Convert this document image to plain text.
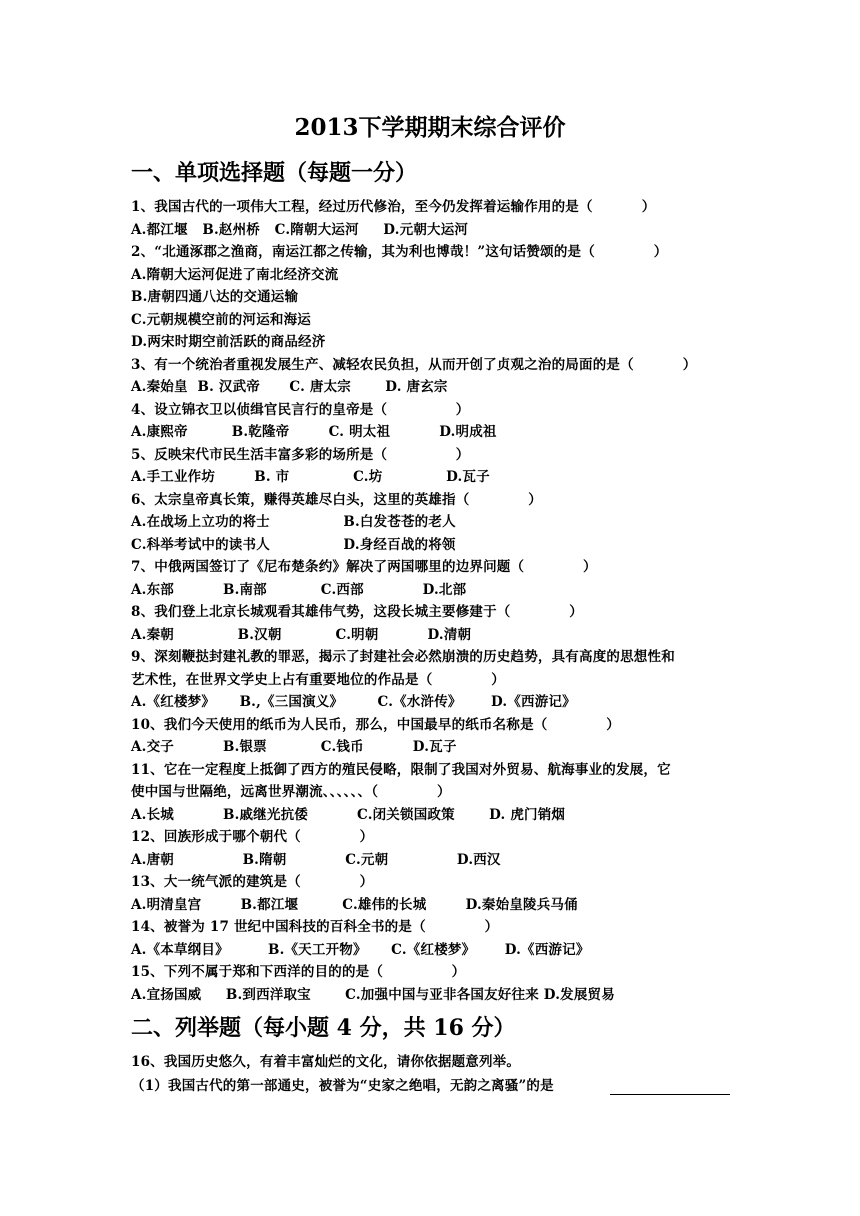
2013下学期期末综合评价
一、单项选择题（每题一分）
1、我国古代的一项伟大工程，经过历代修治，至今仍发挥着运输作用的是（          ）
A.都江堰   B.赵州桥   C.隋朝大运河     D.元朝大运河
2、“北通涿郡之渔商，南运江都之传输，其为利也博哉！”这句话赞颂的是（            ）
A.隋朝大运河促进了南北经济交流
B.唐朝四通八达的交通运输
C.元朝规模空前的河运和海运
D.两宋时期空前活跃的商品经济
3、有一个统治者重视发展生产、减轻农民负担，从而开创了贞观之治的局面的是（          ）
A.秦始皇  B. 汉武帝      C. 唐太宗       D. 唐玄宗
4、设立锦衣卫以侦缉官民言行的皇帝是（              ）
A.康熙帝         B.乾隆帝        C. 明太祖          D.明成祖
5、反映宋代市民生活丰富多彩的场所是（              ）
A.手工业作坊        B. 市             C.坊             D.瓦子
6、太宗皇帝真长策，赚得英雄尽白头，这里的英雄指（            ）
A.在战场上立功的将士               B.白发苍苍的老人
C.科举考试中的读书人               D.身经百战的将领
7、中俄两国签订了《尼布楚条约》解决了两国哪里的边界问题（            ）
A.东部          B.南部           C.西部            D.北部
8、我们登上北京长城观看其雄伟气势，这段长城主要修建于（            ）
A.秦朝             B.汉朝           C.明朝          D.清朝
9、深刻鞭挞封建礼教的罪恶，揭示了封建社会必然崩溃的历史趋势，具有高度的思想性和
艺术性，在世界文学史上占有重要地位的作品是（            ）
A.《红楼梦》     B.,《三国演义》       C.《水浒传》      D.《西游记》
10、我们今天使用的纸币为人民币，那么，中国最早的纸币名称是（            ）
A.交子          B.银票           C.钱币          D.瓦子
11、它在一定程度上抵御了西方的殖民侵略，限制了我国对外贸易、航海事业的发展，它
使中国与世隔绝，远离世界潮流、、、、、、（            ）
A.长城          B.戚继光抗倭          C.闭关锁国政策       D. 虎门销烟
12、回族形成于哪个朝代（            ）
A.唐朝              B.隋朝            C.元朝              D.西汉
13、大一统气派的建筑是（            ）
A.明清皇宫        B.都江堰         C.雄伟的长城        D.秦始皇陵兵马俑
14、被誉为 17 世纪中国科技的百科全书的是（            ）
A.《本草纲目》        B.《天工开物》     C.《红楼梦》      D.《西游记》
15、下列不属于郑和下西洋的目的的是（              ）
A.宜扬国威     B.到西洋取宝       C.加强中国与亚非各国友好往来 D.发展贸易
二、列举题（每小题 4 分，共 16 分）
16、我国历史悠久，有着丰富灿烂的文化，请你依据题意列举。
（1）我国古代的第一部通史，被誉为“史家之绝唱，无韵之离骚”的是
